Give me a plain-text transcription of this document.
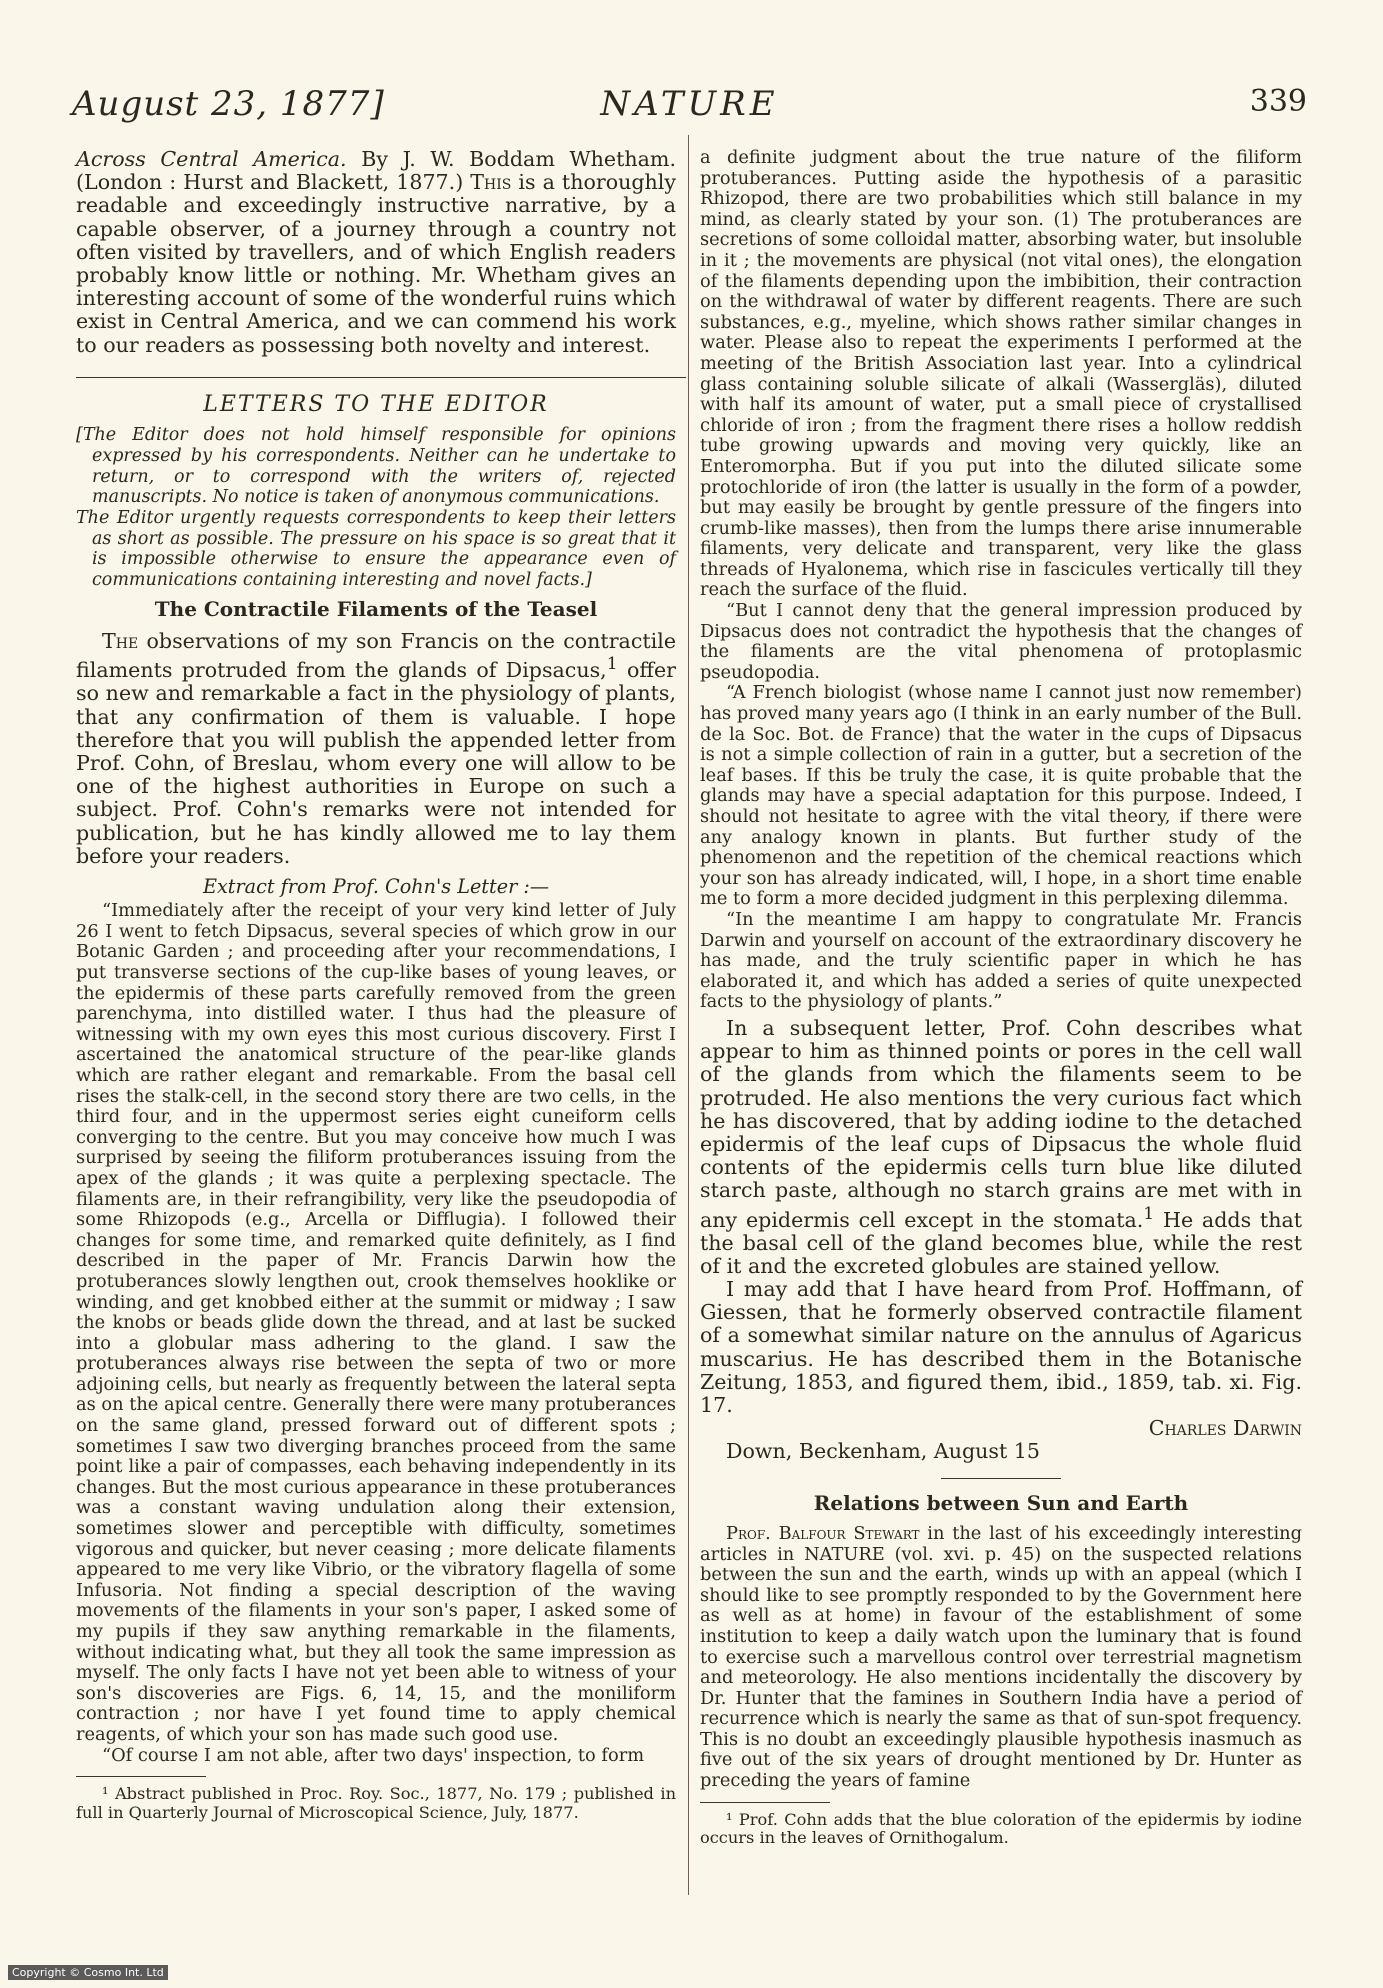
August 23, 1877]	NATURE	339

Across Central America. By J. W. Boddam Whetham. (London : Hurst and Blackett, 1877.) This is a thoroughly readable and exceedingly instructive narrative, by a capable observer, of a journey through a country not often visited by travellers, and of which English readers probably know little or nothing. Mr. Whetham gives an interesting account of some of the wonderful ruins which exist in Central America, and we can commend his work to our readers as possessing both novelty and interest.

LETTERS TO THE EDITOR

[The Editor does not hold himself responsible for opinions expressed by his correspondents. Neither can he undertake to return, or to correspond with the writers of, rejected manuscripts. No notice is taken of anonymous communications.

The Editor urgently requests correspondents to keep their letters as short as possible. The pressure on his space is so great that it is impossible otherwise to ensure the appearance even of communications containing interesting and novel facts.]

The Contractile Filaments of the Teasel

The observations of my son Francis on the contractile filaments protruded from the glands of Dipsacus,$^1$ offer so new and remarkable a fact in the physiology of plants, that any confirmation of them is valuable. I hope therefore that you will publish the appended letter from Prof. Cohn, of Breslau, whom every one will allow to be one of the highest authorities in Europe on such a subject. Prof. Cohn's remarks were not intended for publication, but he has kindly allowed me to lay them before your readers.

Extract from Prof. Cohn's Letter :—

“Immediately after the receipt of your very kind letter of July 26 I went to fetch Dipsacus, several species of which grow in our Botanic Garden ; and proceeding after your recommendations, I put transverse sections of the cup-like bases of young leaves, or the epidermis of these parts carefully removed from the green parenchyma, into distilled water. I thus had the pleasure of witnessing with my own eyes this most curious discovery. First I ascertained the anatomical structure of the pear-like glands which are rather elegant and remarkable. From the basal cell rises the stalk-cell, in the second story there are two cells, in the third four, and in the uppermost series eight cuneiform cells converging to the centre. But you may conceive how much I was surprised by seeing the filiform protuberances issuing from the apex of the glands ; it was quite a perplexing spectacle. The filaments are, in their refrangibility, very like the pseudopodia of some Rhizopods (e.g., Arcella or Difflugia). I followed their changes for some time, and remarked quite definitely, as I find described in the paper of Mr. Francis Darwin how the protuberances slowly lengthen out, crook themselves hooklike or winding, and get knobbed either at the summit or midway ; I saw the knobs or beads glide down the thread, and at last be sucked into a globular mass adhering to the gland. I saw the protuberances always rise between the septa of two or more adjoining cells, but nearly as frequently between the lateral septa as on the apical centre. Generally there were many protuberances on the same gland, pressed forward out of different spots ; sometimes I saw two diverging branches proceed from the same point like a pair of compasses, each behaving independently in its changes. But the most curious appearance in these protuberances was a constant waving undulation along their extension, sometimes slower and perceptible with difficulty, sometimes vigorous and quicker, but never ceasing ; more delicate filaments appeared to me very like Vibrio, or the vibratory flagella of some Infusoria. Not finding a special description of the waving movements of the filaments in your son's paper, I asked some of my pupils if they saw anything remarkable in the filaments, without indicating what, but they all took the same impression as myself. The only facts I have not yet been able to witness of your son's discoveries are Figs. 6, 14, 15, and the moniliform contraction ; nor have I yet found time to apply chemical reagents, of which your son has made such good use.

“Of course I am not able, after two days' inspection, to form

¹ Abstract published in Proc. Roy. Soc., 1877, No. 179 ; published in full in Quarterly Journal of Microscopical Science, July, 1877.

a definite judgment about the true nature of the filiform protuberances. Putting aside the hypothesis of a parasitic Rhizopod, there are two probabilities which still balance in my mind, as clearly stated by your son. (1) The protuberances are secretions of some colloidal matter, absorbing water, but insoluble in it ; the movements are physical (not vital ones), the elongation of the filaments depending upon the imbibition, their contraction on the withdrawal of water by different reagents. There are such substances, e.g., myeline, which shows rather similar changes in water. Please also to repeat the experiments I performed at the meeting of the British Association last year. Into a cylindrical glass containing soluble silicate of alkali (Wassergläs), diluted with half its amount of water, put a small piece of crystallised chloride of iron ; from the fragment there rises a hollow reddish tube growing upwards and moving very quickly, like an Enteromorpha. But if you put into the diluted silicate some protochloride of iron (the latter is usually in the form of a powder, but may easily be brought by gentle pressure of the fingers into crumb-like masses), then from the lumps there arise innumerable filaments, very delicate and transparent, very like the glass threads of Hyalonema, which rise in fascicules vertically till they reach the surface of the fluid.

“But I cannot deny that the general impression produced by Dipsacus does not contradict the hypothesis that the changes of the filaments are the vital phenomena of protoplasmic pseudopodia.

“A French biologist (whose name I cannot just now remember) has proved many years ago (I think in an early number of the Bull. de la Soc. Bot. de France) that the water in the cups of Dipsacus is not a simple collection of rain in a gutter, but a secretion of the leaf bases. If this be truly the case, it is quite probable that the glands may have a special adaptation for this purpose. Indeed, I should not hesitate to agree with the vital theory, if there were any analogy known in plants. But further study of the phenomenon and the repetition of the chemical reactions which your son has already indicated, will, I hope, in a short time enable me to form a more decided judgment in this perplexing dilemma.

“In the meantime I am happy to congratulate Mr. Francis Darwin and yourself on account of the extraordinary discovery he has made, and the truly scientific paper in which he has elaborated it, and which has added a series of quite unexpected facts to the physiology of plants.”

In a subsequent letter, Prof. Cohn describes what appear to him as thinned points or pores in the cell wall of the glands from which the filaments seem to be protruded. He also mentions the very curious fact which he has discovered, that by adding iodine to the detached epidermis of the leaf cups of Dipsacus the whole fluid contents of the epidermis cells turn blue like diluted starch paste, although no starch grains are met with in any epidermis cell except in the stomata.$^1$ He adds that the basal cell of the gland becomes blue, while the rest of it and the excreted globules are stained yellow.

I may add that I have heard from Prof. Hoffmann, of Giessen, that he formerly observed contractile filament of a somewhat similar nature on the annulus of Agaricus muscarius. He has described them in the Botanische Zeitung, 1853, and figured them, ibid., 1859, tab. xi. Fig. 17.

Charles Darwin

Down, Beckenham, August 15

Relations between Sun and Earth

Prof. Balfour Stewart in the last of his exceedingly interesting articles in NATURE (vol. xvi. p. 45) on the suspected relations between the sun and the earth, winds up with an appeal (which I should like to see promptly responded to by the Government here as well as at home) in favour of the establishment of some institution to keep a daily watch upon the luminary that is found to exercise such a marvellous control over terrestrial magnetism and meteorology. He also mentions incidentally the discovery by Dr. Hunter that the famines in Southern India have a period of recurrence which is nearly the same as that of sun-spot frequency. This is no doubt an exceedingly plausible hypothesis inasmuch as five out of the six years of drought mentioned by Dr. Hunter as preceding the years of famine

¹ Prof. Cohn adds that the blue coloration of the epidermis by iodine occurs in the leaves of Ornithogalum.

Copyright © Cosmo Int. Ltd
